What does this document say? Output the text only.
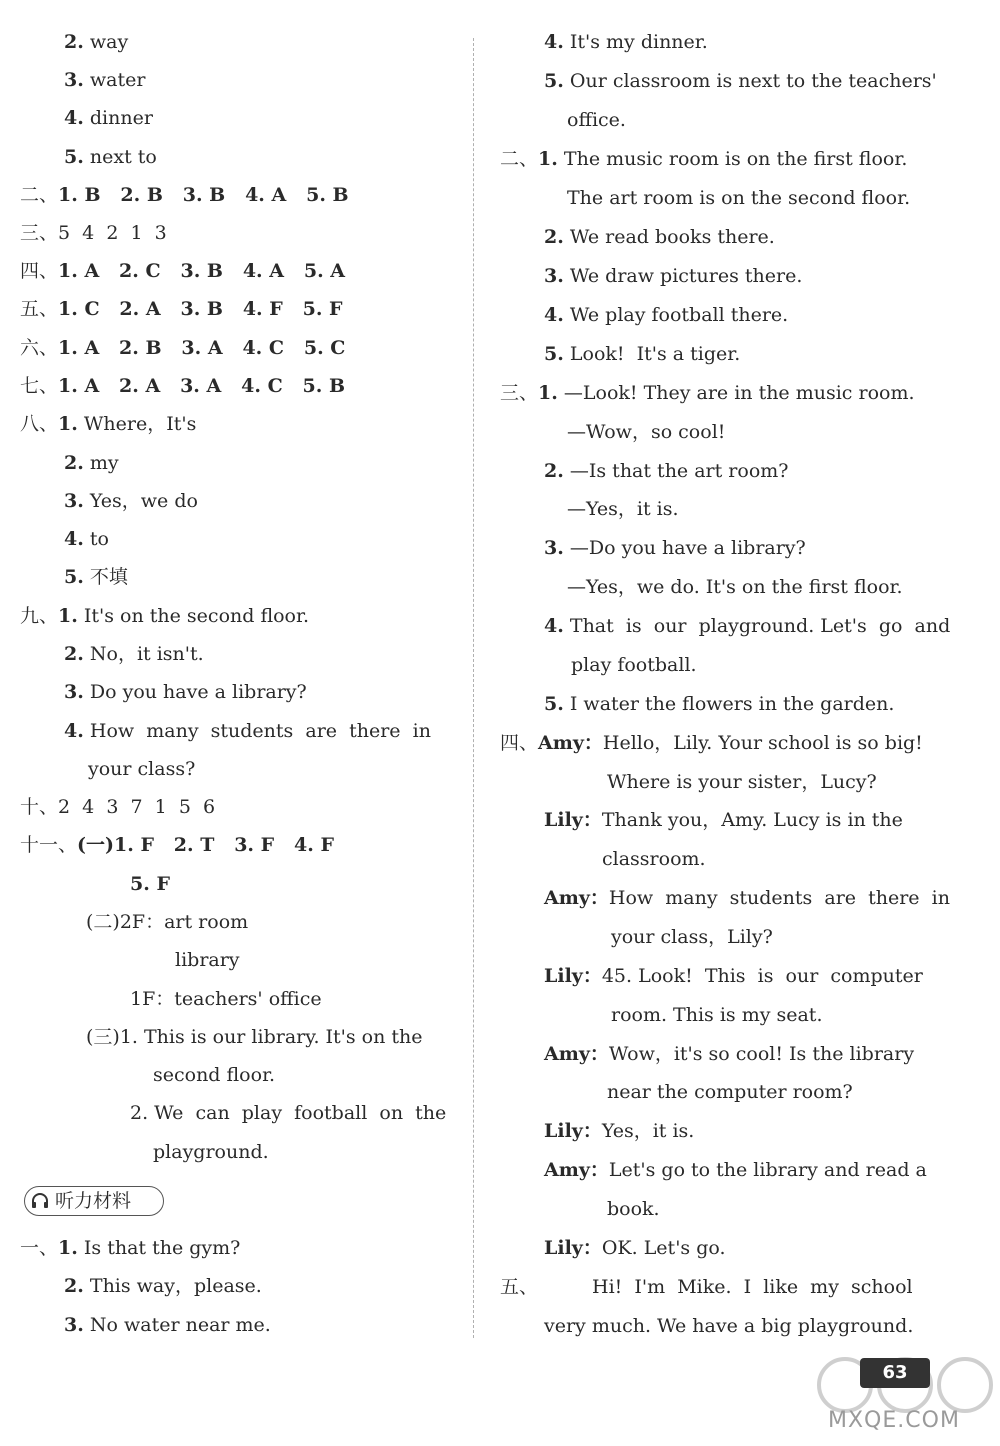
2. way
3. water
4. dinner
5. next to
二、1. B   2. B   3. B   4. A   5. B
三、5  4  2  1  3
四、1. A   2. C   3. B   4. A   5. A
五、1. C   2. A   3. B   4. F   5. F
六、1. A   2. B   3. A   4. C   5. C
七、1. A   2. A   3. A   4. C   5. B
八、1. Where，It's
2. my
3. Yes，we do
4. to
5. 不填
九、1. It's on the second floor.
2. No，it isn't.
3. Do you have a library?
4. How  many  students  are  there  in
your class?
十、2  4  3  7  1  5  6
十一、(一)1. F   2. T   3. F   4. F
5. F
(二)2F：art room
library
1F：teachers' office
(三)1. This is our library. It's on the
second floor.
2. We  can  play  football  on  the
playground.
听力材料
一、1. Is that the gym?
2. This way，please.
3. No water near me.
4. It's my dinner.
5. Our classroom is next to the teachers'
office.
二、1. The music room is on the first floor.
The art room is on the second floor.
2. We read books there.
3. We draw pictures there.
4. We play football there.
5. Look!  It's a tiger.
三、1. —Look! They are in the music room.
—Wow，so cool!
2. —Is that the art room?
—Yes，it is.
3. —Do you have a library?
—Yes，we do. It's on the first floor.
4. That  is  our  playground. Let's  go  and
play football.
5. I water the flowers in the garden.
四、Amy：Hello，Lily. Your school is so big!
Where is your sister，Lucy?
Lily：Thank you，Amy. Lucy is in the
classroom.
Amy：How  many  students  are  there  in
your class，Lily?
Lily：45. Look!  This  is  our  computer
room. This is my seat.
Amy：Wow，it's so cool! Is the library
near the computer room?
Lily：Yes，it is.
Amy：Let's go to the library and read a
book.
Lily：OK. Let's go.
五、	Hi!  I'm  Mike.  I  like  my  school
very much. We have a big playground.
63
MXQE.COM
